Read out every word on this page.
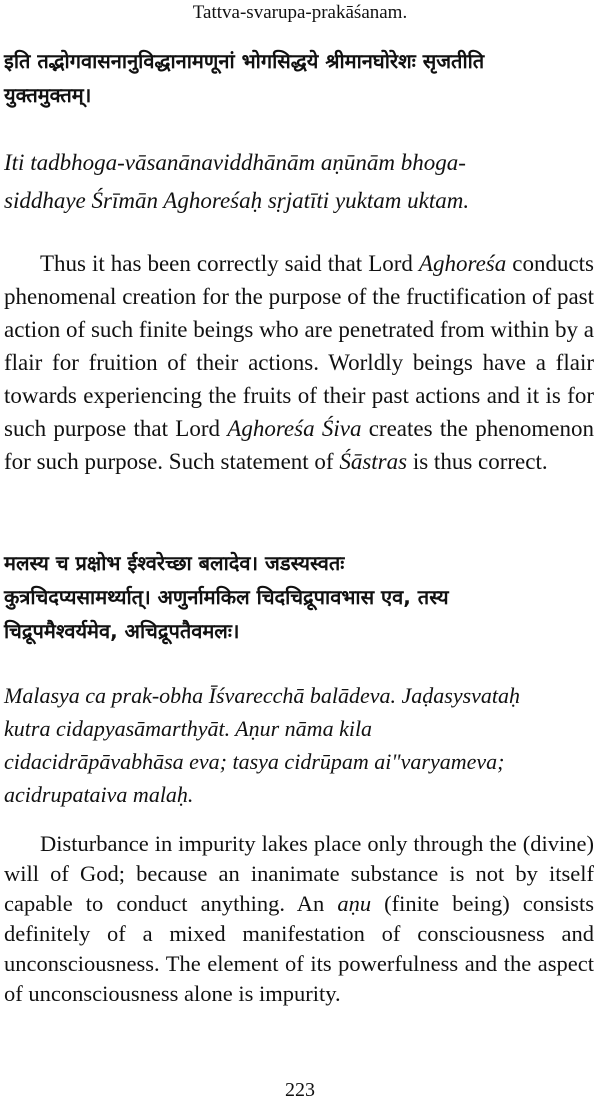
Tattva-svarupa-prakāśanam.
इति तद्भोगवासनानुविद्धानामणूनां भोगसिद्धये श्रीमानघोरेशः सृजतीति
युक्तमुक्तम्।
Iti tadbhoga-vāsanānaviddhānām aṇūnām bhoga-
siddhaye Śrīmān Aghoreśaḥ sṛjatīti yuktam uktam.

Thus it has been correctly said that Lord Aghoreśa conducts phenomenal creation for the purpose of the fructification of past action of such finite beings who are penetrated from within by a flair for fruition of their actions. Worldly beings have a flair towards experiencing the fruits of their past actions and it is for such purpose that Lord Aghoreśa Śiva creates the phenomenon for such purpose. Such statement of Śāstras is thus correct.

मलस्य च प्रक्षोभ ईश्वरेच्छा बलादेव। जडस्यस्वतः
कुत्रचिदप्यसामर्थ्यात्। अणुर्नामकिल चिदचिद्रूपावभास एव, तस्य
चिद्रूपमैश्वर्यमेव, अचिद्रूपतैवमलः।
Malasya ca prak-obha Īśvarecchā balādeva. Jaḍasysvataḥ
kutra cidapyasāmarthyāt. Aṇur nāma kila
cidacidrāpāvabhāsa eva; tasya cidrūpam ai"varyameva;
acidrupataiva malaḥ.

Disturbance in impurity lakes place only through the (divine) will of God; because an inanimate substance is not by itself capable to conduct anything. An aṇu (finite being) consists definitely of a mixed manifestation of consciousness and unconsciousness. The element of its powerfulness and the aspect of unconsciousness alone is impurity.

223
